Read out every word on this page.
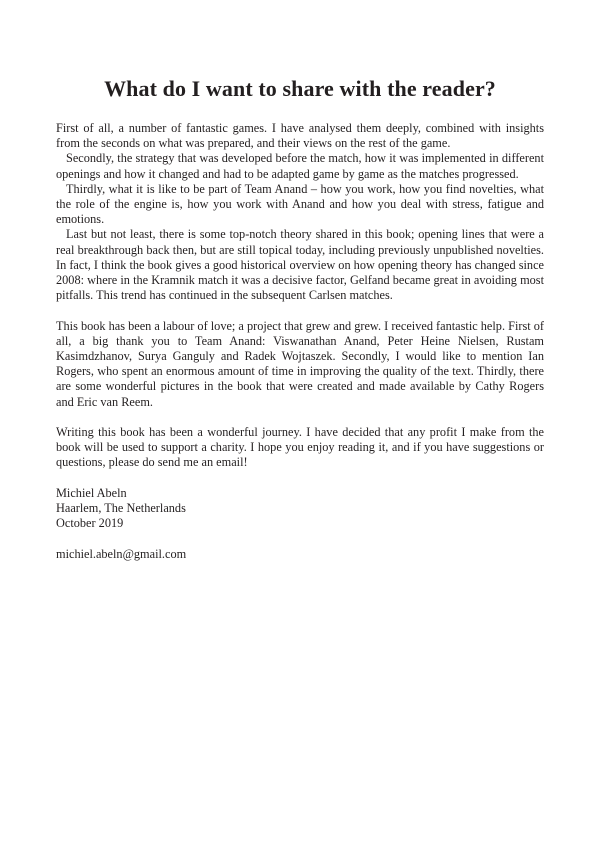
What do I want to share with the reader?

First of all, a number of fantastic games. I have analysed them deeply, combined with insights from the seconds on what was prepared, and their views on the rest of the game.

Secondly, the strategy that was developed before the match, how it was implemented in different openings and how it changed and had to be adapted game by game as the matches progressed.

Thirdly, what it is like to be part of Team Anand – how you work, how you find novelties, what the role of the engine is, how you work with Anand and how you deal with stress, fatigue and emotions.

Last but not least, there is some top-notch theory shared in this book; opening lines that were a real breakthrough back then, but are still topical today, including previously unpublished novelties. In fact, I think the book gives a good historical overview on how opening theory has changed since 2008: where in the Kramnik match it was a decisive factor, Gelfand became great in avoiding most pitfalls. This trend has continued in the subsequent Carlsen matches.

This book has been a labour of love; a project that grew and grew. I received fantastic help. First of all, a big thank you to Team Anand: Viswanathan Anand, Peter Heine Nielsen, Rustam Kasimdzhanov, Surya Ganguly and Radek Wojtaszek. Secondly, I would like to mention Ian Rogers, who spent an enormous amount of time in improving the quality of the text. Thirdly, there are some wonderful pictures in the book that were created and made available by Cathy Rogers and Eric van Reem.

Writing this book has been a wonderful journey. I have decided that any profit I make from the book will be used to support a charity. I hope you enjoy reading it, and if you have suggestions or questions, please do send me an email!

Michiel Abeln
Haarlem, The Netherlands
October 2019
michiel.abeln@gmail.com
